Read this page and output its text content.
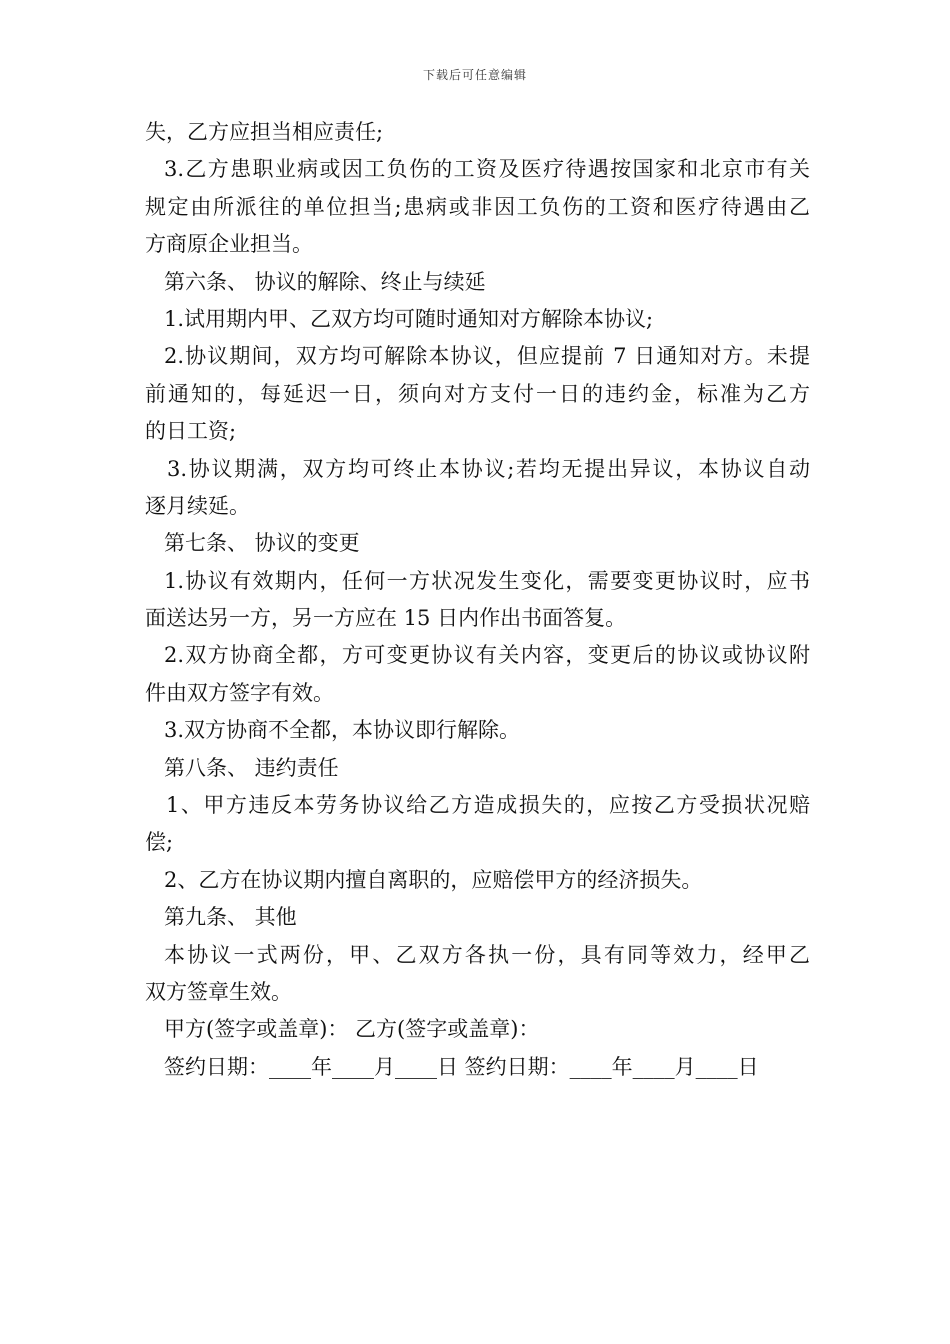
下载后可任意编辑
失，乙方应担当相应责任;
3.乙方患职业病或因工负伤的工资及医疗待遇按国家和北京市有关
规定由所派往的单位担当;患病或非因工负伤的工资和医疗待遇由乙
方商原企业担当。
第六条、 协议的解除、终止与续延
1.试用期内甲、乙双方均可随时通知对方解除本协议;
2.协议期间，双方均可解除本协议，但应提前 7 日通知对方。未提
前通知的，每延迟一日，须向对方支付一日的违约金，标准为乙方
的日工资;
3.协议期满，双方均可终止本协议;若均无提出异议，本协议自动
逐月续延。
第七条、 协议的变更
1.协议有效期内，任何一方状况发生变化，需要变更协议时，应书
面送达另一方，另一方应在 15 日内作出书面答复。
2.双方协商全都，方可变更协议有关内容，变更后的协议或协议附
件由双方签字有效。
3.双方协商不全都，本协议即行解除。
第八条、 违约责任
1、甲方违反本劳务协议给乙方造成损失的，应按乙方受损状况赔
偿;
2、乙方在协议期内擅自离职的，应赔偿甲方的经济损失。
第九条、 其他
本协议一式两份，甲、乙双方各执一份，具有同等效力，经甲乙
双方签章生效。
甲方(签字或盖章)： 乙方(签字或盖章)：
签约日期：____年____月____日 签约日期：____年____月____日
